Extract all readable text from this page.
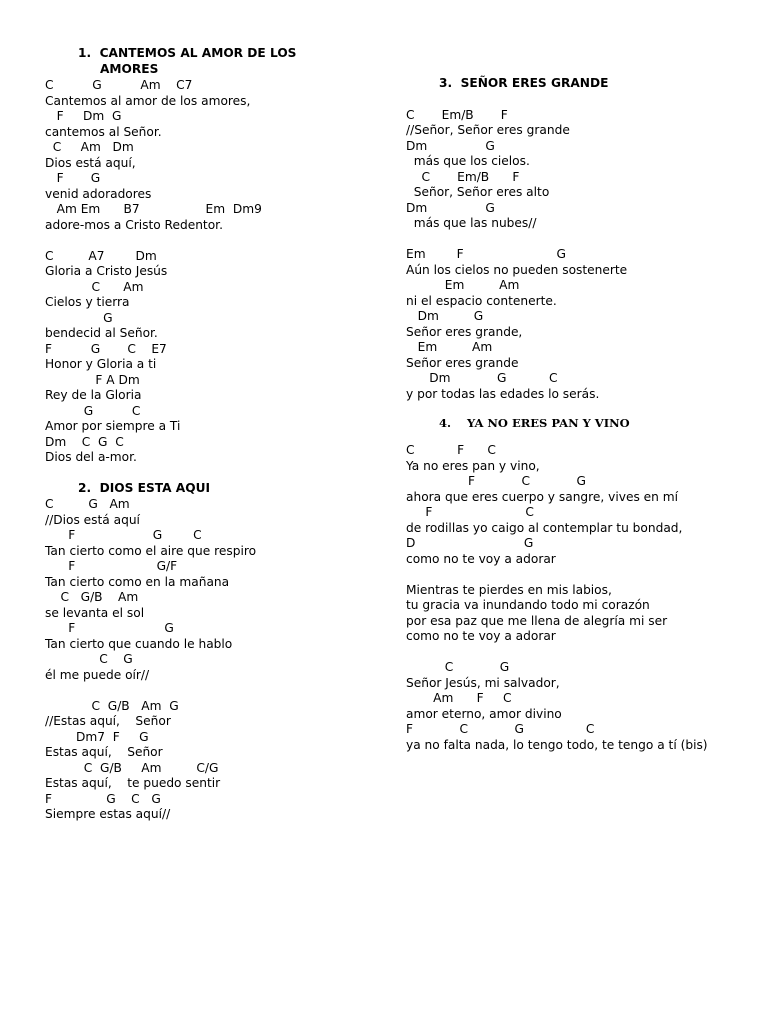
1.  CANTEMOS AL AMOR DE LOS
AMORES
C          G          Am    C7
Cantemos al amor de los amores,
F     Dm  G
cantemos al Señor.
C     Am   Dm
Dios está aquí,
F       G
venid adoradores
Am Em      B7                 Em  Dm9
adore-mos a Cristo Redentor.
C         A7        Dm
Gloria a Cristo Jesús
C      Am
Cielos y tierra
G
bendecid al Señor.
F          G       C    E7
Honor y Gloria a ti
F A Dm
Rey de la Gloria
G          C
Amor por siempre a Ti
Dm    C  G  C
Dios del a-mor.
2.  DIOS ESTA AQUI
C         G   Am
//Dios está aquí
F                    G        C
Tan cierto como el aire que respiro
F                     G/F
Tan cierto como en la mañana
C   G/B    Am
se levanta el sol
F                       G
Tan cierto que cuando le hablo
C    G
él me puede oír//
C  G/B   Am  G
//Estas aquí,    Señor
Dm7  F     G
Estas aquí,    Señor
C  G/B     Am         C/G
Estas aquí,    te puedo sentir
F              G    C   G
Siempre estas aquí//
3.  SEÑOR ERES GRANDE
C       Em/B       F
//Señor, Señor eres grande
Dm               G
más que los cielos.
C       Em/B      F
Señor, Señor eres alto
Dm               G
más que las nubes//
Em        F                        G
Aún los cielos no pueden sostenerte
Em         Am
ni el espacio contenerte.
Dm         G
Señor eres grande,
Em         Am
Señor eres grande
Dm            G           C
y por todas las edades lo serás.
4.    YA NO ERES PAN Y VINO
C           F      C
Ya no eres pan y vino,
F            C            G
ahora que eres cuerpo y sangre, vives en mí
F                        C
de rodillas yo caigo al contemplar tu bondad,
D                            G
como no te voy a adorar
Mientras te pierdes en mis labios,
tu gracia va inundando todo mi corazón
por esa paz que me llena de alegría mi ser
como no te voy a adorar
C            G
Señor Jesús, mi salvador,
Am      F     C
amor eterno, amor divino
F            C            G                C
ya no falta nada, lo tengo todo, te tengo a tí (bis)
